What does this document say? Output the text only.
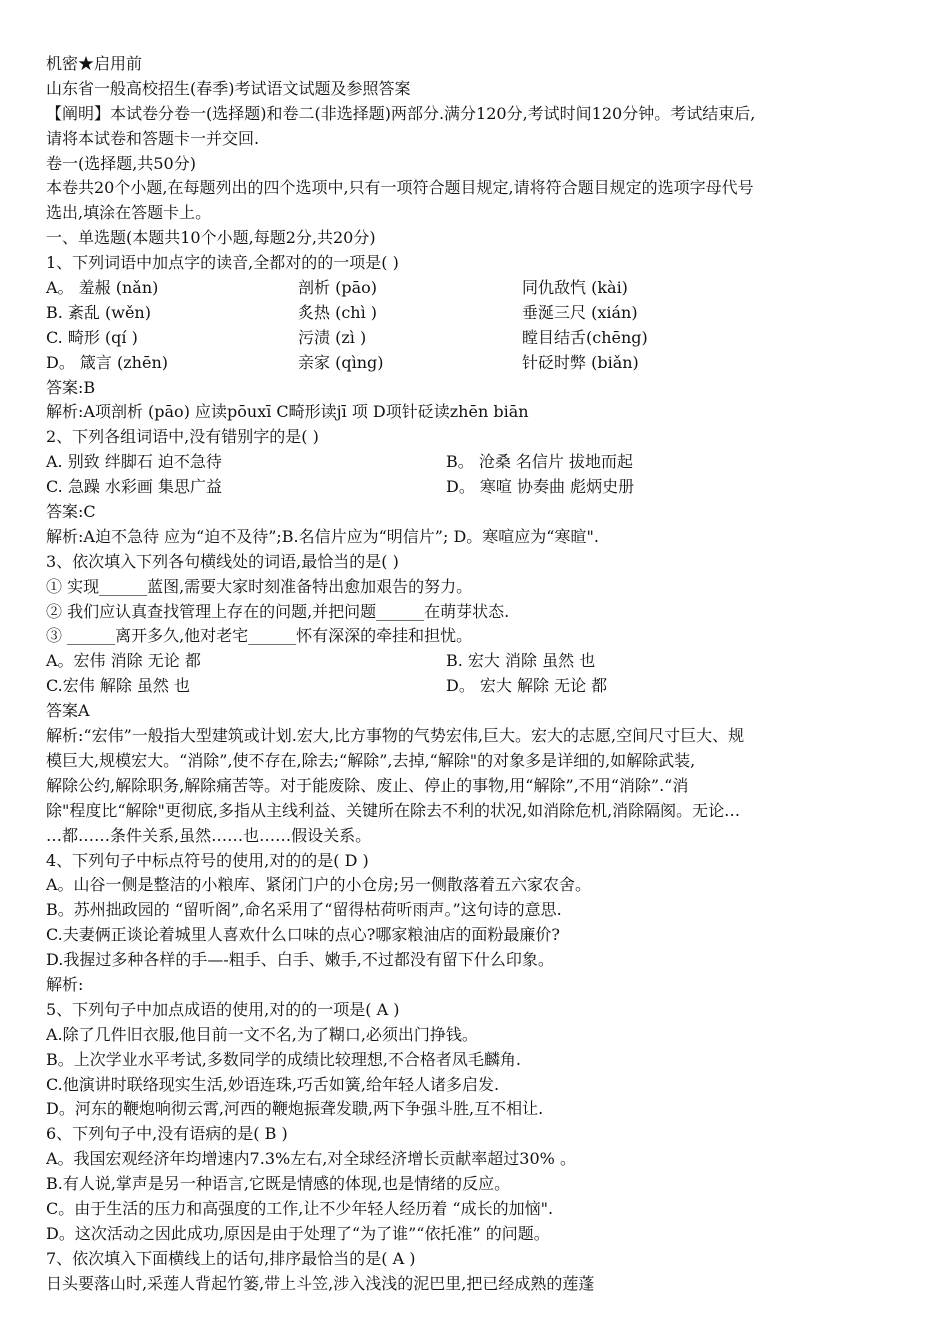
机密★启用前
山东省一般高校招生(春季)考试语文试题及参照答案
【阐明】本试卷分卷一(选择题)和卷二(非选择题)两部分.满分120分,考试时间120分钟。考试结束后,
请将本试卷和答题卡一并交回.
卷一(选择题,共50分)
本卷共20个小题,在每题列出的四个选项中,只有一项符合题目规定,请将符合题目规定的选项字母代号
选出,填涂在答题卡上。
一、单选题(本题共10个小题,每题2分,共20分)
1、下列词语中加点字的读音,全都对的的一项是( )
A。 羞赧 (nǎn)	剖析 (pāo)	同仇敌忾 (kài)
B. 紊乱 (wěn)	炙热 (chì )	垂涎三尺 (xián)
C. 畸形 (qí )	污渍 (zì )	瞠目结舌(chēng)
D。 箴言 (zhēn)	亲家 (qìng)	针砭时弊 (biǎn)
答案:B
解析:A项剖析 (pāo) 应读pōuxī C畸形读jī 项 D项针砭读zhēn biān
2、下列各组词语中,没有错别字的是( )
A. 别致 绊脚石 迫不急待	B。 沧桑 名信片 拔地而起
C. 急躁 水彩画 集思广益	D。 寒喧 协奏曲 彪炳史册
答案:C
解析:A迫不急待 应为“迫不及待”;B.名信片应为“明信片”; D。寒喧应为“寒暄".
3、依次填入下列各句横线处的词语,最恰当的是( )
① 实现______蓝图,需要大家时刻准备特出愈加艰告的努力。
② 我们应认真查找管理上存在的问题,并把问题______在萌芽状态.
③ ______离开多久,他对老宅______怀有深深的牵挂和担忧。
A。宏伟 消除 无论 都	B. 宏大 消除 虽然 也
C.宏伟 解除 虽然 也	D。 宏大 解除 无论 都
答案A
解析:“宏伟”一般指大型建筑或计划.宏大,比方事物的气势宏伟,巨大。宏大的志愿,空间尺寸巨大、规
模巨大,规模宏大。“消除”,使不存在,除去;“解除”,去掉,“解除"的对象多是详细的,如解除武装,
解除公约,解除职务,解除痛苦等。对于能废除、废止、停止的事物,用“解除”,不用“消除”.“消
除"程度比“解除"更彻底,多指从主线利益、关键所在除去不利的状况,如消除危机,消除隔阂。无论…
…都……条件关系,虽然……也……假设关系。
4、下列句子中标点符号的使用,对的的是( D )
A。山谷一侧是整洁的小粮库、紧闭门户的小仓房;另一侧散落着五六家农舍。
B。苏州拙政园的 “留听阁”,命名采用了“留得枯荷听雨声。”这句诗的意思.
C.夫妻俩正谈论着城里人喜欢什么口味的点心?哪家粮油店的面粉最廉价?
D.我握过多种各样的手—-粗手、白手、嫩手,不过都没有留下什么印象。
解析:
5、下列句子中加点成语的使用,对的的一项是( A )
A.除了几件旧衣服,他目前一文不名,为了糊口,必须出门挣钱。
B。上次学业水平考试,多数同学的成绩比较理想,不合格者凤毛麟角.
C.他演讲时联络现实生活,妙语连珠,巧舌如簧,给年轻人诸多启发.
D。河东的鞭炮响彻云霄,河西的鞭炮振聋发聩,两下争强斗胜,互不相让.
6、下列句子中,没有语病的是( B )
A。我国宏观经济年均增速内7.3%左右,对全球经济增长贡献率超过30% 。
B.有人说,掌声是另一种语言,它既是情感的体现,也是情绪的反应。
C。由于生活的压力和高强度的工作,让不少年轻人经历着 “成长的加恼".
D。这次活动之因此成功,原因是由于处理了“为了谁”“依托准” 的问题。
7、依次填入下面横线上的话句,排序最恰当的是( A )
日头要落山时,采莲人背起竹篓,带上斗笠,涉入浅浅的泥巴里,把已经成熟的莲蓬
